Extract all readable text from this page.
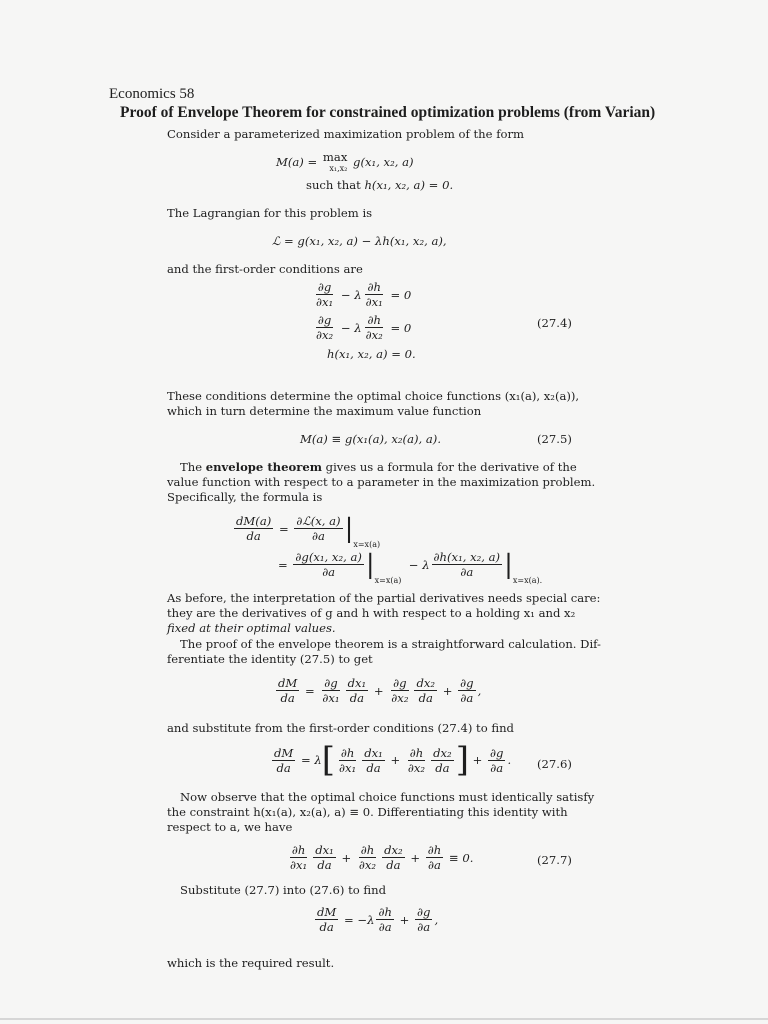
Economics 58
Proof of Envelope Theorem for constrained optimization problems (from Varian)
Consider a parameterized maximization problem of the form
M(a) = max
x₁,x₂ g(x₁, x₂, a)
such that h(x₁, x₂, a) = 0.
The Lagrangian for this problem is
ℒ = g(x₁, x₂, a) − λh(x₁, x₂, a),
and the first-order conditions are
$\frac{\partial g}{\text{∂x₁}} - \lambda \frac{\partial h}{\text{∂x₁}} = 0$
$\frac{\partial g}{\text{∂x₂}} - \lambda \frac{\partial h}{\text{∂x₂}} = 0$
h(x₁, x₂, a) = 0.
(27.4)
These conditions determine the optimal choice functions (x₁(a), x₂(a)),
which in turn determine the maximum value function
M(a) ≡ g(x₁(a), x₂(a), a).	(27.5)
The envelope theorem gives us a formula for the derivative of the
value function with respect to a parameter in the maximization problem.
Specifically, the formula is
$\frac{dM(a)}{da} = \frac{\text{∂ℒ(x, a)}}{\partial a}$ |
x=x(a)
= $\frac{\text{∂g(x₁, x₂, a)}}{\partial a}$ |
x=x(a)
− λ $\frac{\text{∂h(x₁, x₂, a)}}{\partial a}$ |
x=x(a).
As before, the interpretation of the partial derivatives needs special care:
they are the derivatives of g and h with respect to a holding x₁ and x₂
fixed at their optimal values.
The proof of the envelope theorem is a straightforward calculation. Dif-
ferentiate the identity (27.5) to get
$\frac{dM}{da} = \frac{\partial g}{\text{∂x₁}} \frac{\text{dx₁}}{da} + \frac{\partial g}{\text{∂x₂}} \frac{\text{dx₂}}{da} + \frac{\partial g}{\partial a}$ ,
and substitute from the first-order conditions (27.4) to find
$\frac{dM}{da} = \lambda$ [ $\frac{\partial h}{\text{∂x₁}} \frac{\text{dx₁}}{da} + \frac{\partial h}{\text{∂x₂}} \frac{\text{dx₂}}{da}$ ] + $\frac{\partial g}{\partial a}$ . (27.6)
Now observe that the optimal choice functions must identically satisfy
the constraint h(x₁(a), x₂(a), a) ≡ 0. Differentiating this identity with
respect to a, we have
$\frac{\partial h}{\text{∂x₁}} \frac{\text{dx₁}}{da} + \frac{\partial h}{\text{∂x₂}} \frac{\text{dx₂}}{da} + \frac{\partial h}{\partial a} \equiv 0$.	(27.7)
Substitute (27.7) into (27.6) to find
$\frac{dM}{da} = -\lambda \frac{\partial h}{\partial a} + \frac{\partial g}{\partial a}$ ,
which is the required result.
